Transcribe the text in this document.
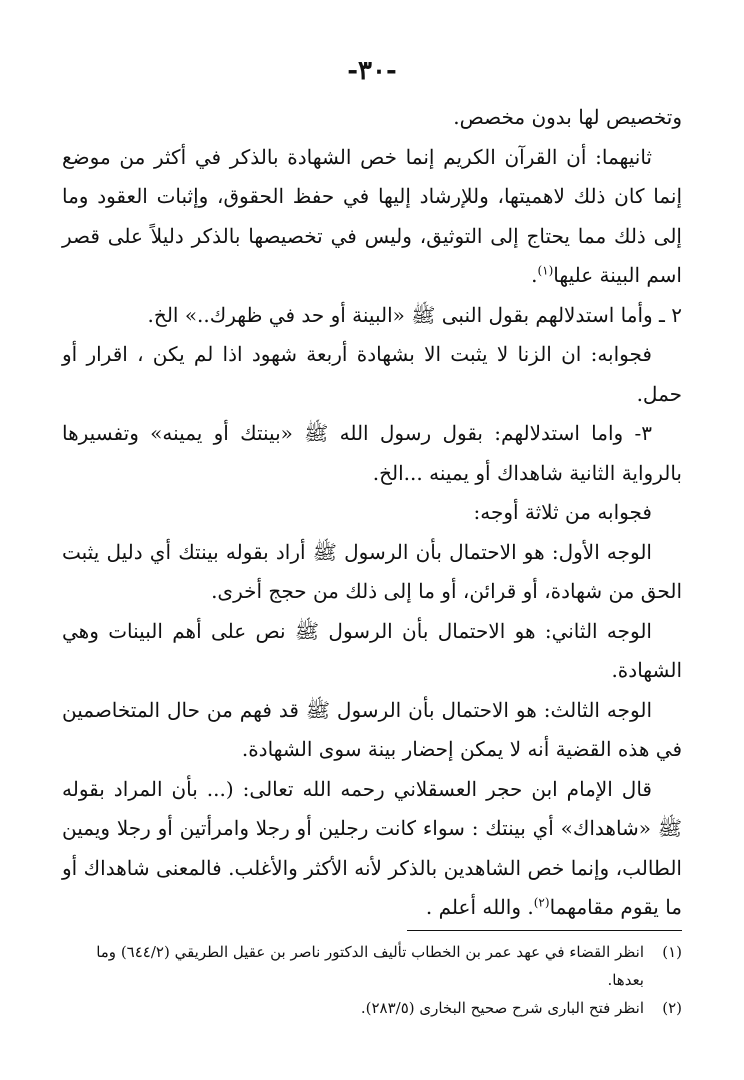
-٣٠-

وتخصيص لها بدون مخصص.

ثانيهما: أن القرآن الكريم إنما خص الشهادة بالذكر في أكثر من موضع إنما كان ذلك لاهميتها، وللإرشاد إليها في حفظ الحقوق، وإثبات العقود وما إلى ذلك مما يحتاج إلى التوثيق، وليس في تخصيصها بالذكر دليلاً على قصر اسم البينة عليها$^{(١)}$.

٢ ـ وأما استدلالهم بقول النبى ﷺ «البينة أو حد في ظهرك..» الخ.

فجوابه: ان الزنا لا يثبت الا بشهادة أربعة شهود اذا لم يكن ، اقرار أو حمل.

٣- واما استدلالهم: بقول رسول الله ﷺ «بينتك أو يمينه» وتفسيرها بالرواية الثانية شاهداك أو يمينه ...الخ.

فجوابه من ثلاثة أوجه:

الوجه الأول: هو الاحتمال بأن الرسول ﷺ أراد بقوله بينتك أي دليل يثبت الحق من شهادة، أو قرائن، أو ما إلى ذلك من حجج أخرى.

الوجه الثاني: هو الاحتمال بأن الرسول ﷺ نص على أهم البينات وهي الشهادة.

الوجه الثالث: هو الاحتمال بأن الرسول ﷺ قد فهم من حال المتخاصمين في هذه القضية أنه لا يمكن إحضار بينة سوى الشهادة.

قال الإمام ابن حجر العسقلاني رحمه الله تعالى: (... بأن المراد بقوله ﷺ «شاهداك» أي بينتك : سواء كانت رجلين أو رجلا وامرأتين أو رجلا ويمين الطالب، وإنما خص الشاهدين بالذكر لأنه الأكثر والأغلب. فالمعنى شاهداك أو ما يقوم مقامهما$^{(٢)}$. والله أعلم .

(١)
انظر القضاء في عهد عمر بن الخطاب تأليف الدكتور ناصر بن عقيل الطريقي (٦٤٤/٢) وما بعدها.
(٢)
انظر فتح البارى شرح صحيح البخارى (٢٨٣/٥).
